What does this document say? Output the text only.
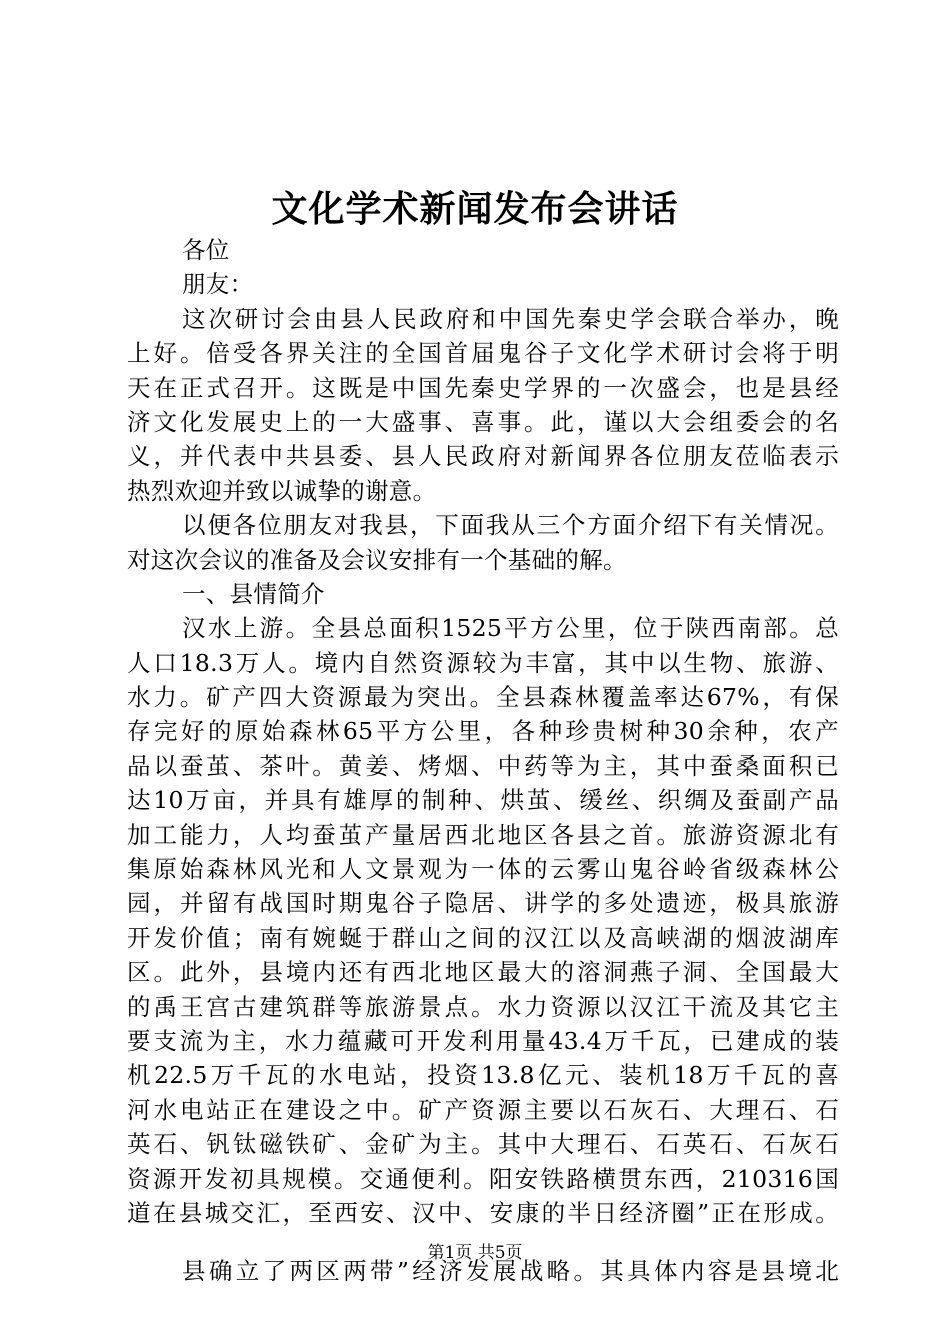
文化学术新闻发布会讲话
各位
朋友：
这次研讨会由县人民政府和中国先秦史学会联合举办，晚
上好。倍受各界关注的全国首届鬼谷子文化学术研讨会将于明
天在正式召开。这既是中国先秦史学界的一次盛会，也是县经
济文化发展史上的一大盛事、喜事。此，谨以大会组委会的名
义，并代表中共县委、县人民政府对新闻界各位朋友莅临表示
热烈欢迎并致以诚挚的谢意。
以便各位朋友对我县，下面我从三个方面介绍下有关情况。
对这次会议的准备及会议安排有一个基础的解。
一、县情简介
汉水上游。全县总面积1525平方公里，位于陕西南部。总
人口18.3万人。境内自然资源较为丰富，其中以生物、旅游、
水力。矿产四大资源最为突出。全县森林覆盖率达67%，有保
存完好的原始森林65平方公里，各种珍贵树种30余种，农产
品以蚕茧、茶叶。黄姜、烤烟、中药等为主，其中蚕桑面积已
达10万亩，并具有雄厚的制种、烘茧、缓丝、织绸及蚕副产品
加工能力，人均蚕茧产量居西北地区各县之首。旅游资源北有
集原始森林风光和人文景观为一体的云雾山鬼谷岭省级森林公
园，并留有战国时期鬼谷子隐居、讲学的多处遗迹，极具旅游
开发价值；南有婉蜒于群山之间的汉江以及高峡湖的烟波湖库
区。此外，县境内还有西北地区最大的溶洞燕子洞、全国最大
的禹王宫古建筑群等旅游景点。水力资源以汉江干流及其它主
要支流为主，水力蕴藏可开发利用量43.4万千瓦，已建成的装
机22.5万千瓦的水电站，投资13.8亿元、装机18万千瓦的喜
河水电站正在建设之中。矿产资源主要以石灰石、大理石、石
英石、钒钛磁铁矿、金矿为主。其中大理石、石英石、石灰石
资源开发初具规模。交通便利。阳安铁路横贯东西，210316国
道在县城交汇，至西安、汉中、安康的半日经济圈”正在形成。
县确立了两区两带”经济发展战略。其具体内容是县境北
第1页 共5页
